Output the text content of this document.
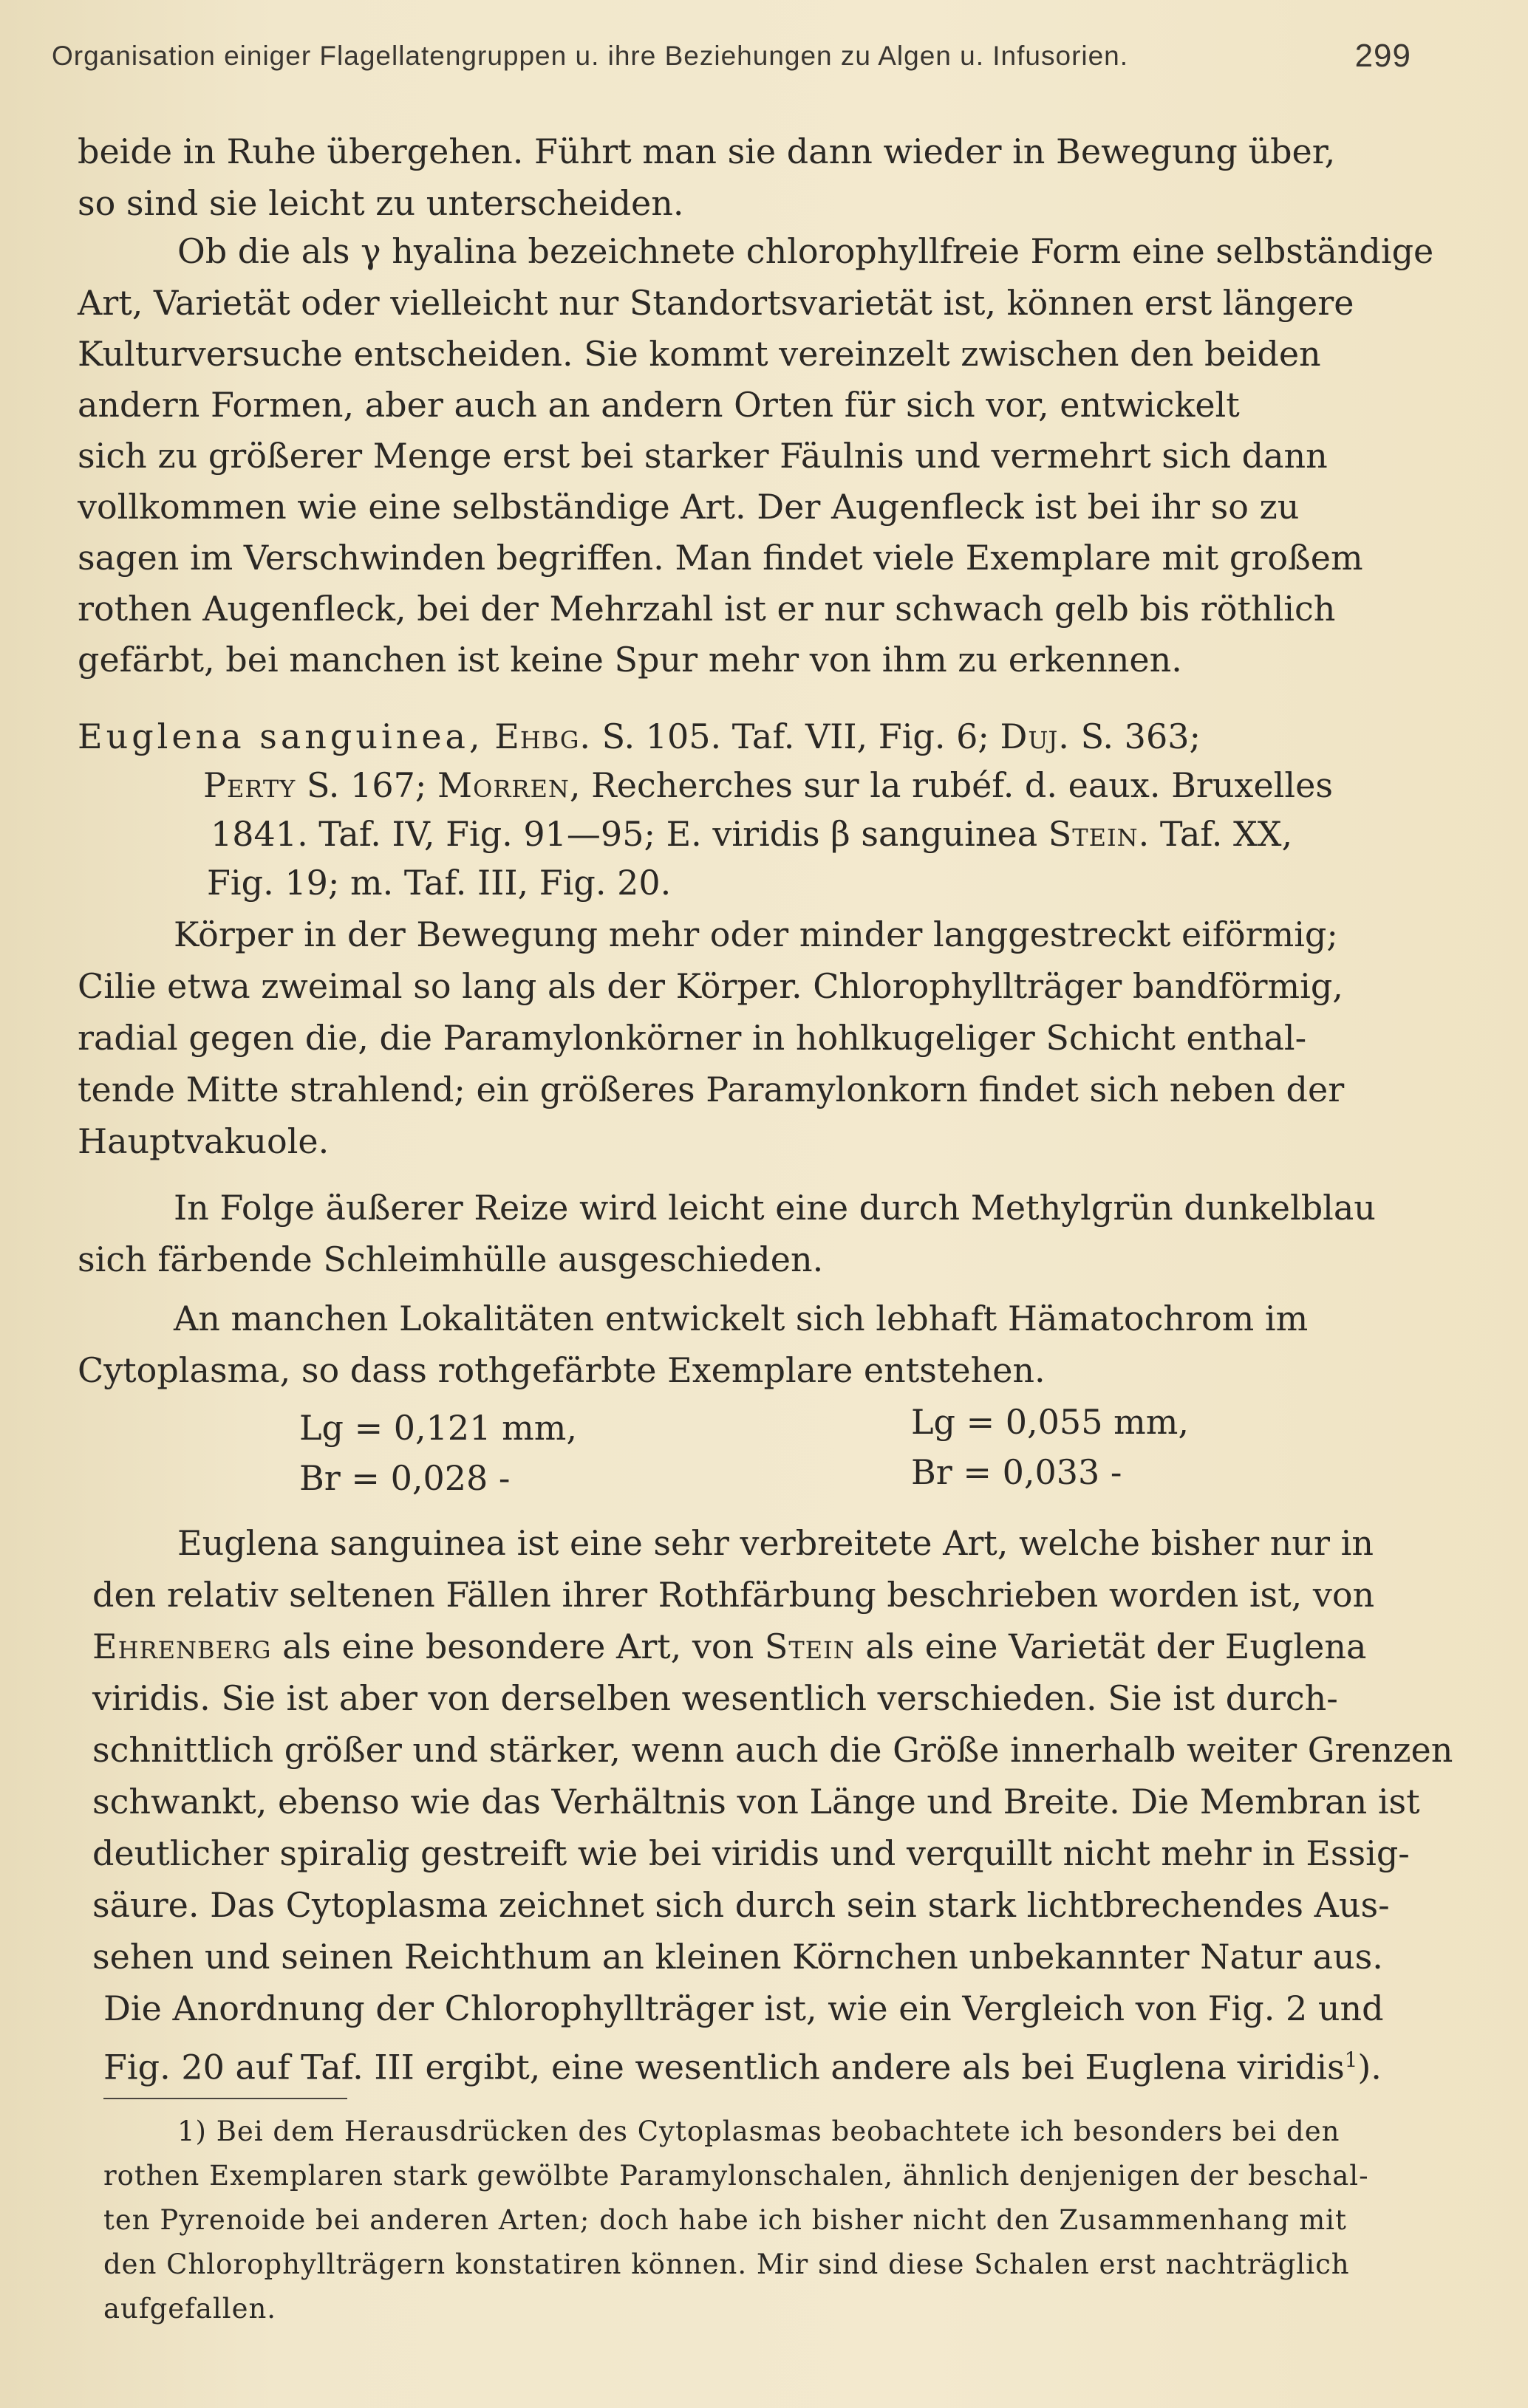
Organisation einiger Flagellatengruppen u. ihre Beziehungen zu Algen u. Infusorien.	299
beide in Ruhe übergehen. Führt man sie dann wieder in Bewegung über,
so sind sie leicht zu unterscheiden.
Ob die als γ hyalina bezeichnete chlorophyllfreie Form eine selbständige
Art, Varietät oder vielleicht nur Standortsvarietät ist, können erst längere
Kulturversuche entscheiden. Sie kommt vereinzelt zwischen den beiden
andern Formen, aber auch an andern Orten für sich vor, entwickelt
sich zu größerer Menge erst bei starker Fäulnis und vermehrt sich dann
vollkommen wie eine selbständige Art. Der Augenfleck ist bei ihr so zu
sagen im Verschwinden begriffen. Man findet viele Exemplare mit großem
rothen Augenfleck, bei der Mehrzahl ist er nur schwach gelb bis röthlich
gefärbt, bei manchen ist keine Spur mehr von ihm zu erkennen.
Euglena sanguinea, Ehbg. S. 105. Taf. VII, Fig. 6; Duj. S. 363;
Perty S. 167; Morren, Recherches sur la rubéf. d. eaux. Bruxelles
1841. Taf. IV, Fig. 91—95; E. viridis β sanguinea Stein. Taf. XX,
Fig. 19; m. Taf. III, Fig. 20.
Körper in der Bewegung mehr oder minder langgestreckt eiförmig;
Cilie etwa zweimal so lang als der Körper. Chlorophyllträger bandförmig,
radial gegen die, die Paramylonkörner in hohlkugeliger Schicht enthal-
tende Mitte strahlend; ein größeres Paramylonkorn findet sich neben der
Hauptvakuole.
In Folge äußerer Reize wird leicht eine durch Methylgrün dunkelblau
sich färbende Schleimhülle ausgeschieden.
An manchen Lokalitäten entwickelt sich lebhaft Hämatochrom im
Cytoplasma, so dass rothgefärbte Exemplare entstehen.
Lg = 0,121 mm,
Br = 0,028 -
Lg = 0,055 mm,
Br = 0,033 -
Euglena sanguinea ist eine sehr verbreitete Art, welche bisher nur in
den relativ seltenen Fällen ihrer Rothfärbung beschrieben worden ist, von
Ehrenberg als eine besondere Art, von Stein als eine Varietät der Euglena
viridis. Sie ist aber von derselben wesentlich verschieden. Sie ist durch-
schnittlich größer und stärker, wenn auch die Größe innerhalb weiter Grenzen
schwankt, ebenso wie das Verhältnis von Länge und Breite. Die Membran ist
deutlicher spiralig gestreift wie bei viridis und verquillt nicht mehr in Essig-
säure. Das Cytoplasma zeichnet sich durch sein stark lichtbrechendes Aus-
sehen und seinen Reichthum an kleinen Körnchen unbekannter Natur aus.
Die Anordnung der Chlorophyllträger ist, wie ein Vergleich von Fig. 2 und
Fig. 20 auf Taf. III ergibt, eine wesentlich andere als bei Euglena viridis$^1$).
1) Bei dem Herausdrücken des Cytoplasmas beobachtete ich besonders bei den
rothen Exemplaren stark gewölbte Paramylonschalen, ähnlich denjenigen der beschal-
ten Pyrenoide bei anderen Arten; doch habe ich bisher nicht den Zusammenhang mit
den Chlorophyllträgern konstatiren können. Mir sind diese Schalen erst nachträglich
aufgefallen.
